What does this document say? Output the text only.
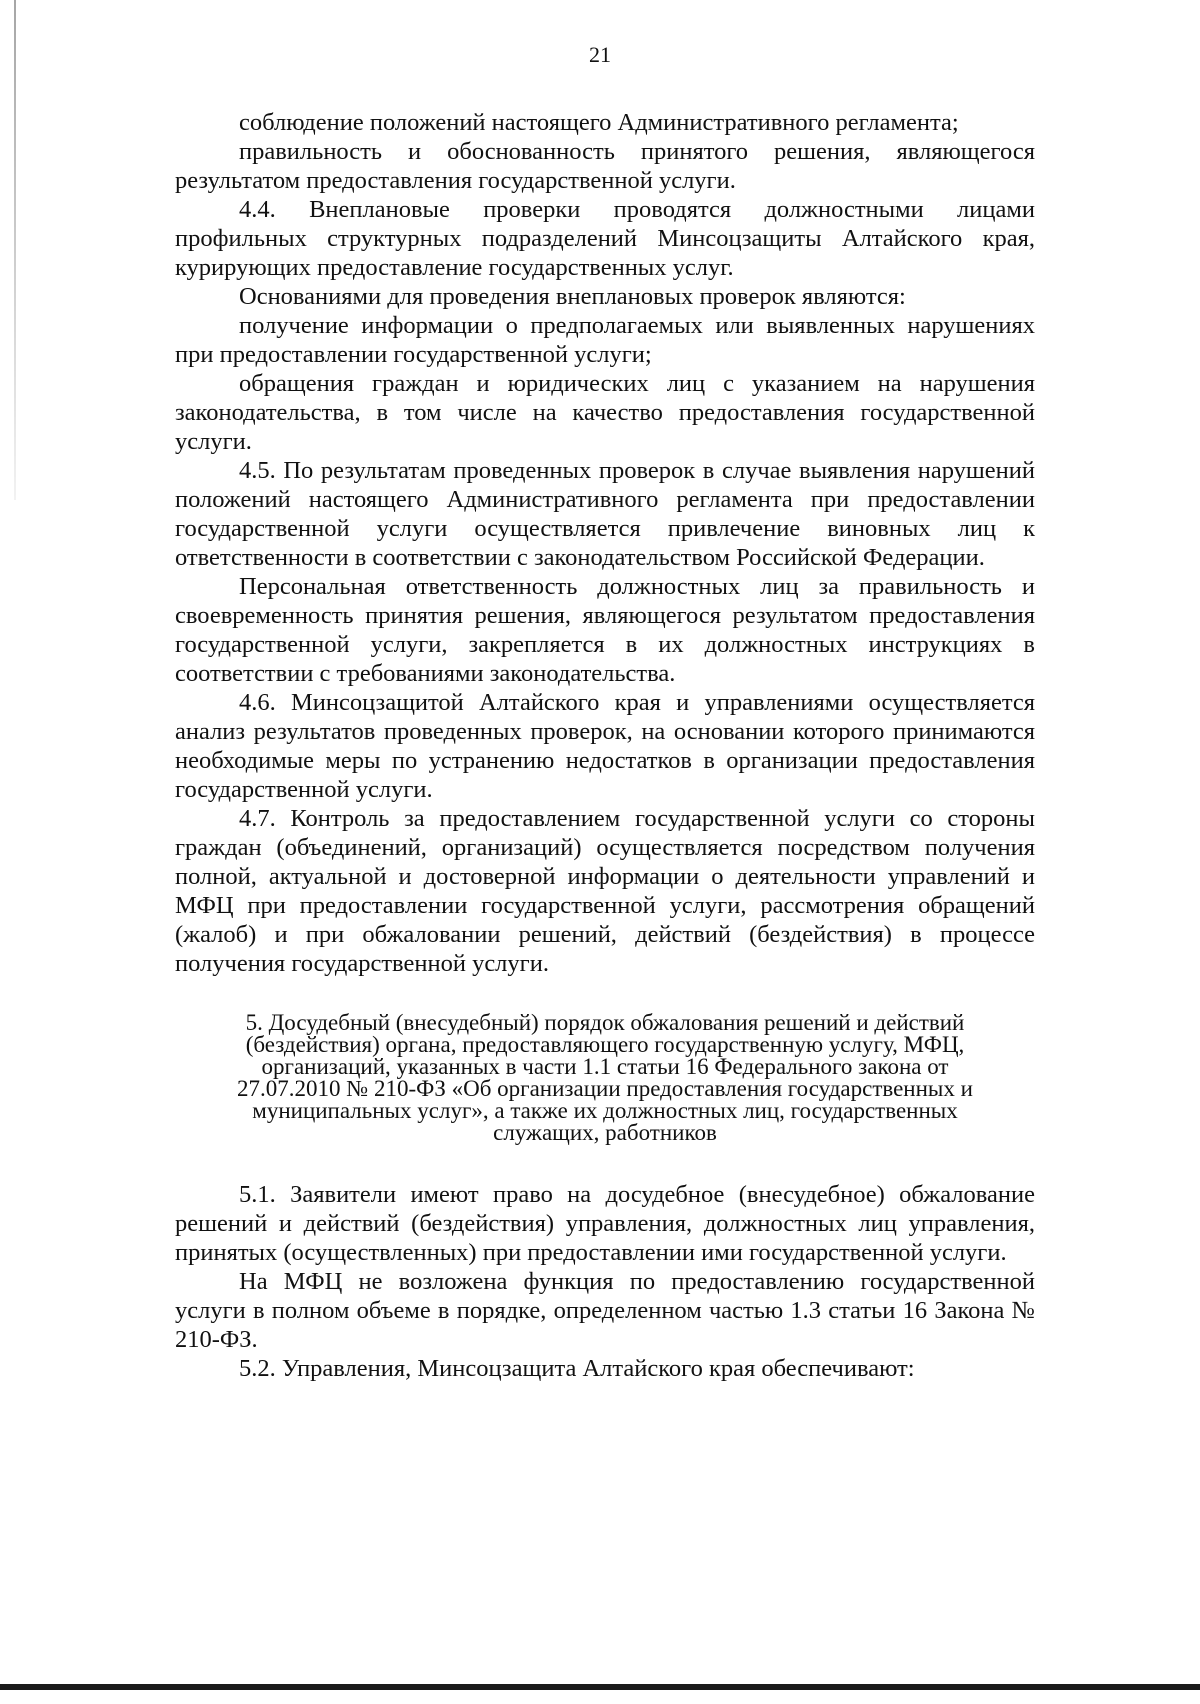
21

соблюдение положений настоящего Административного регламента;

правильность и обоснованность принятого решения, являющегося результатом предоставления государственной услуги.

4.4. Внеплановые проверки проводятся должностными лицами профильных структурных подразделений Минсоцзащиты Алтайского края, курирующих предоставление государственных услуг.

Основаниями для проведения внеплановых проверок являются:

получение информации о предполагаемых или выявленных нарушениях при предоставлении государственной услуги;

обращения граждан и юридических лиц с указанием на нарушения законодательства, в том числе на качество предоставления государственной услуги.

4.5. По результатам проведенных проверок в случае выявления нарушений положений настоящего Административного регламента при предоставлении государственной услуги осуществляется привлечение виновных лиц к ответственности в соответствии с законодательством Российской Федерации.

Персональная ответственность должностных лиц за правильность и своевременность принятия решения, являющегося результатом предоставления государственной услуги, закрепляется в их должностных инструкциях в соответствии с требованиями законодательства.

4.6. Минсоцзащитой Алтайского края и управлениями осуществляется анализ результатов проведенных проверок, на основании которого принимаются необходимые меры по устранению недостатков в организации предоставления государственной услуги.

4.7. Контроль за предоставлением государственной услуги со стороны граждан (объединений, организаций) осуществляется посредством получения полной, актуальной и достоверной информации о деятельности управлений и МФЦ при предоставлении государственной услуги, рассмотрения обращений (жалоб) и при обжаловании решений, действий (бездействия) в процессе получения государственной услуги.

5. Досудебный (внесудебный) порядок обжалования решений и действий (бездействия) органа, предоставляющего государственную услугу, МФЦ, организаций, указанных в части 1.1 статьи 16 Федерального закона от 27.07.2010 № 210-ФЗ «Об организации предоставления государственных и муниципальных услуг», а также их должностных лиц, государственных служащих, работников

5.1. Заявители имеют право на досудебное (внесудебное) обжалование решений и действий (бездействия) управления, должностных лиц управления, принятых (осуществленных) при предоставлении ими государственной услуги.

На МФЦ не возложена функция по предоставлению государственной услуги в полном объеме в порядке, определенном частью 1.3 статьи 16 Закона № 210-ФЗ.

5.2. Управления, Минсоцзащита Алтайского края обеспечивают:
